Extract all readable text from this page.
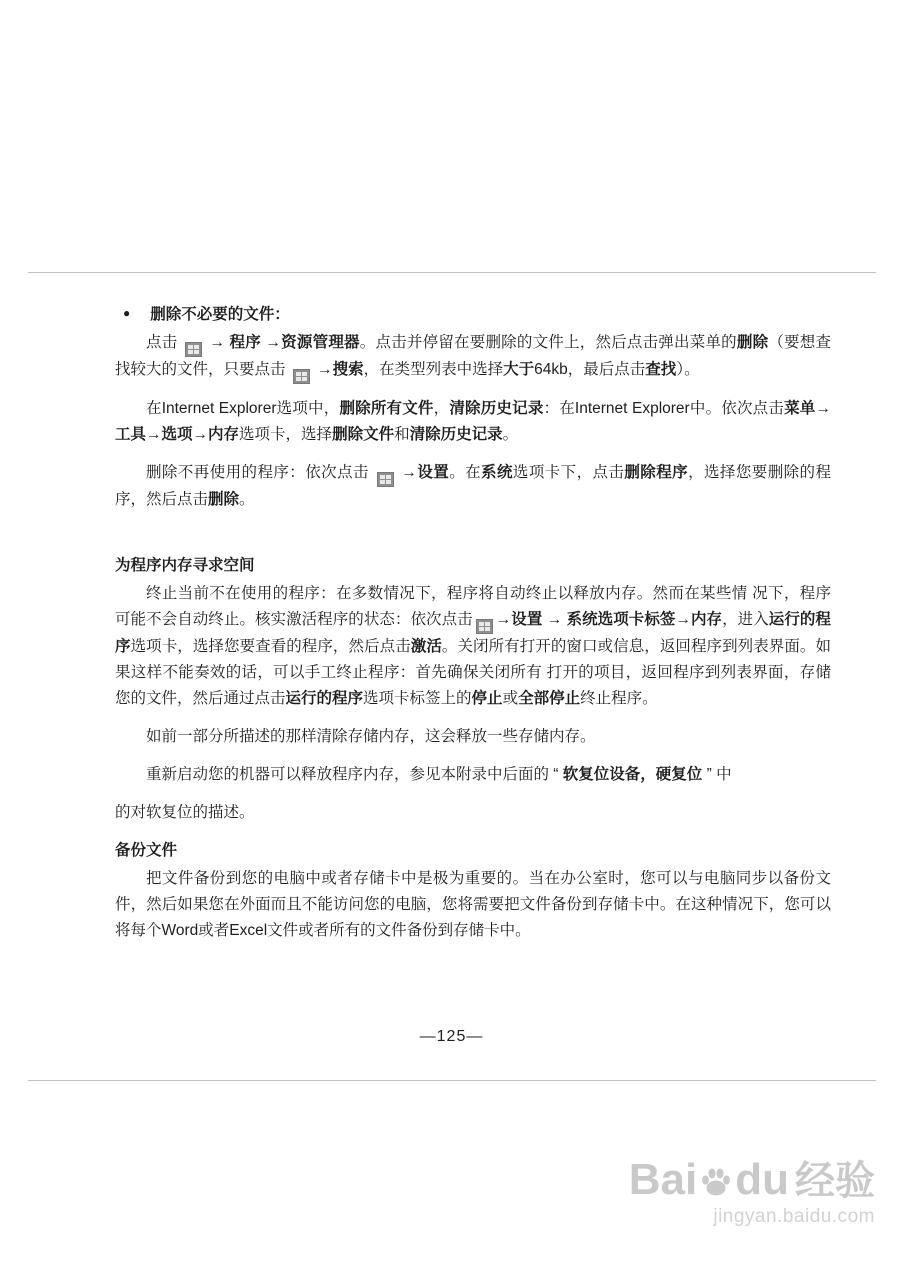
● 删除不必要的文件：

点击
→ 程序 →资源管理器。点击并停留在要删除的文件上，然后点击弹出菜单的删除（要想查找较大的文件，只要点击
→搜索，在类型列表中选择大于64kb，最后点击查找）。

在Internet Explorer选项中，删除所有文件，清除历史记录：在Internet Explorer中。依次点击菜单→工具→选项→内存选项卡，选择删除文件和清除历史记录。

删除不再使用的程序：依次点击
→设置。在系统选项卡下，点击删除程序，选择您要删除的程序，然后点击删除。

为程序内存寻求空间

终止当前不在使用的程序：在多数情况下，程序将自动终止以释放内存。然而在某些情 况下，程序可能不会自动终止。核实激活程序的状态：依次点击 →设置 → 系统选项卡标签→内存，进入运行的程序选项卡，选择您要查看的程序，然后点击激活。关闭所有打开的窗口或信息，返回程序到列表界面。如果这样不能奏效的话，可以手工终止程序：首先确保关闭所有 打开的项目，返回程序到列表界面，存储您的文件，然后通过点击运行的程序选项卡标签上的停止或全部停止终止程序。

如前一部分所描述的那样清除存储内存，这会释放一些存储内存。

重新启动您的机器可以释放程序内存，参见本附录中后面的 “ 软复位设备，硬复位 ” 中

的对软复位的描述。

备份文件

把文件备份到您的电脑中或者存储卡中是极为重要的。当在办公室时，您可以与电脑同步以备份文件，然后如果您在外面而且不能访问您的电脑，您将需要把文件备份到存储卡中。在这种情况下，您可以将每个Word或者Excel文件或者所有的文件备份到存储卡中。

—125—
Bai du 经验
jingyan.baidu.com
